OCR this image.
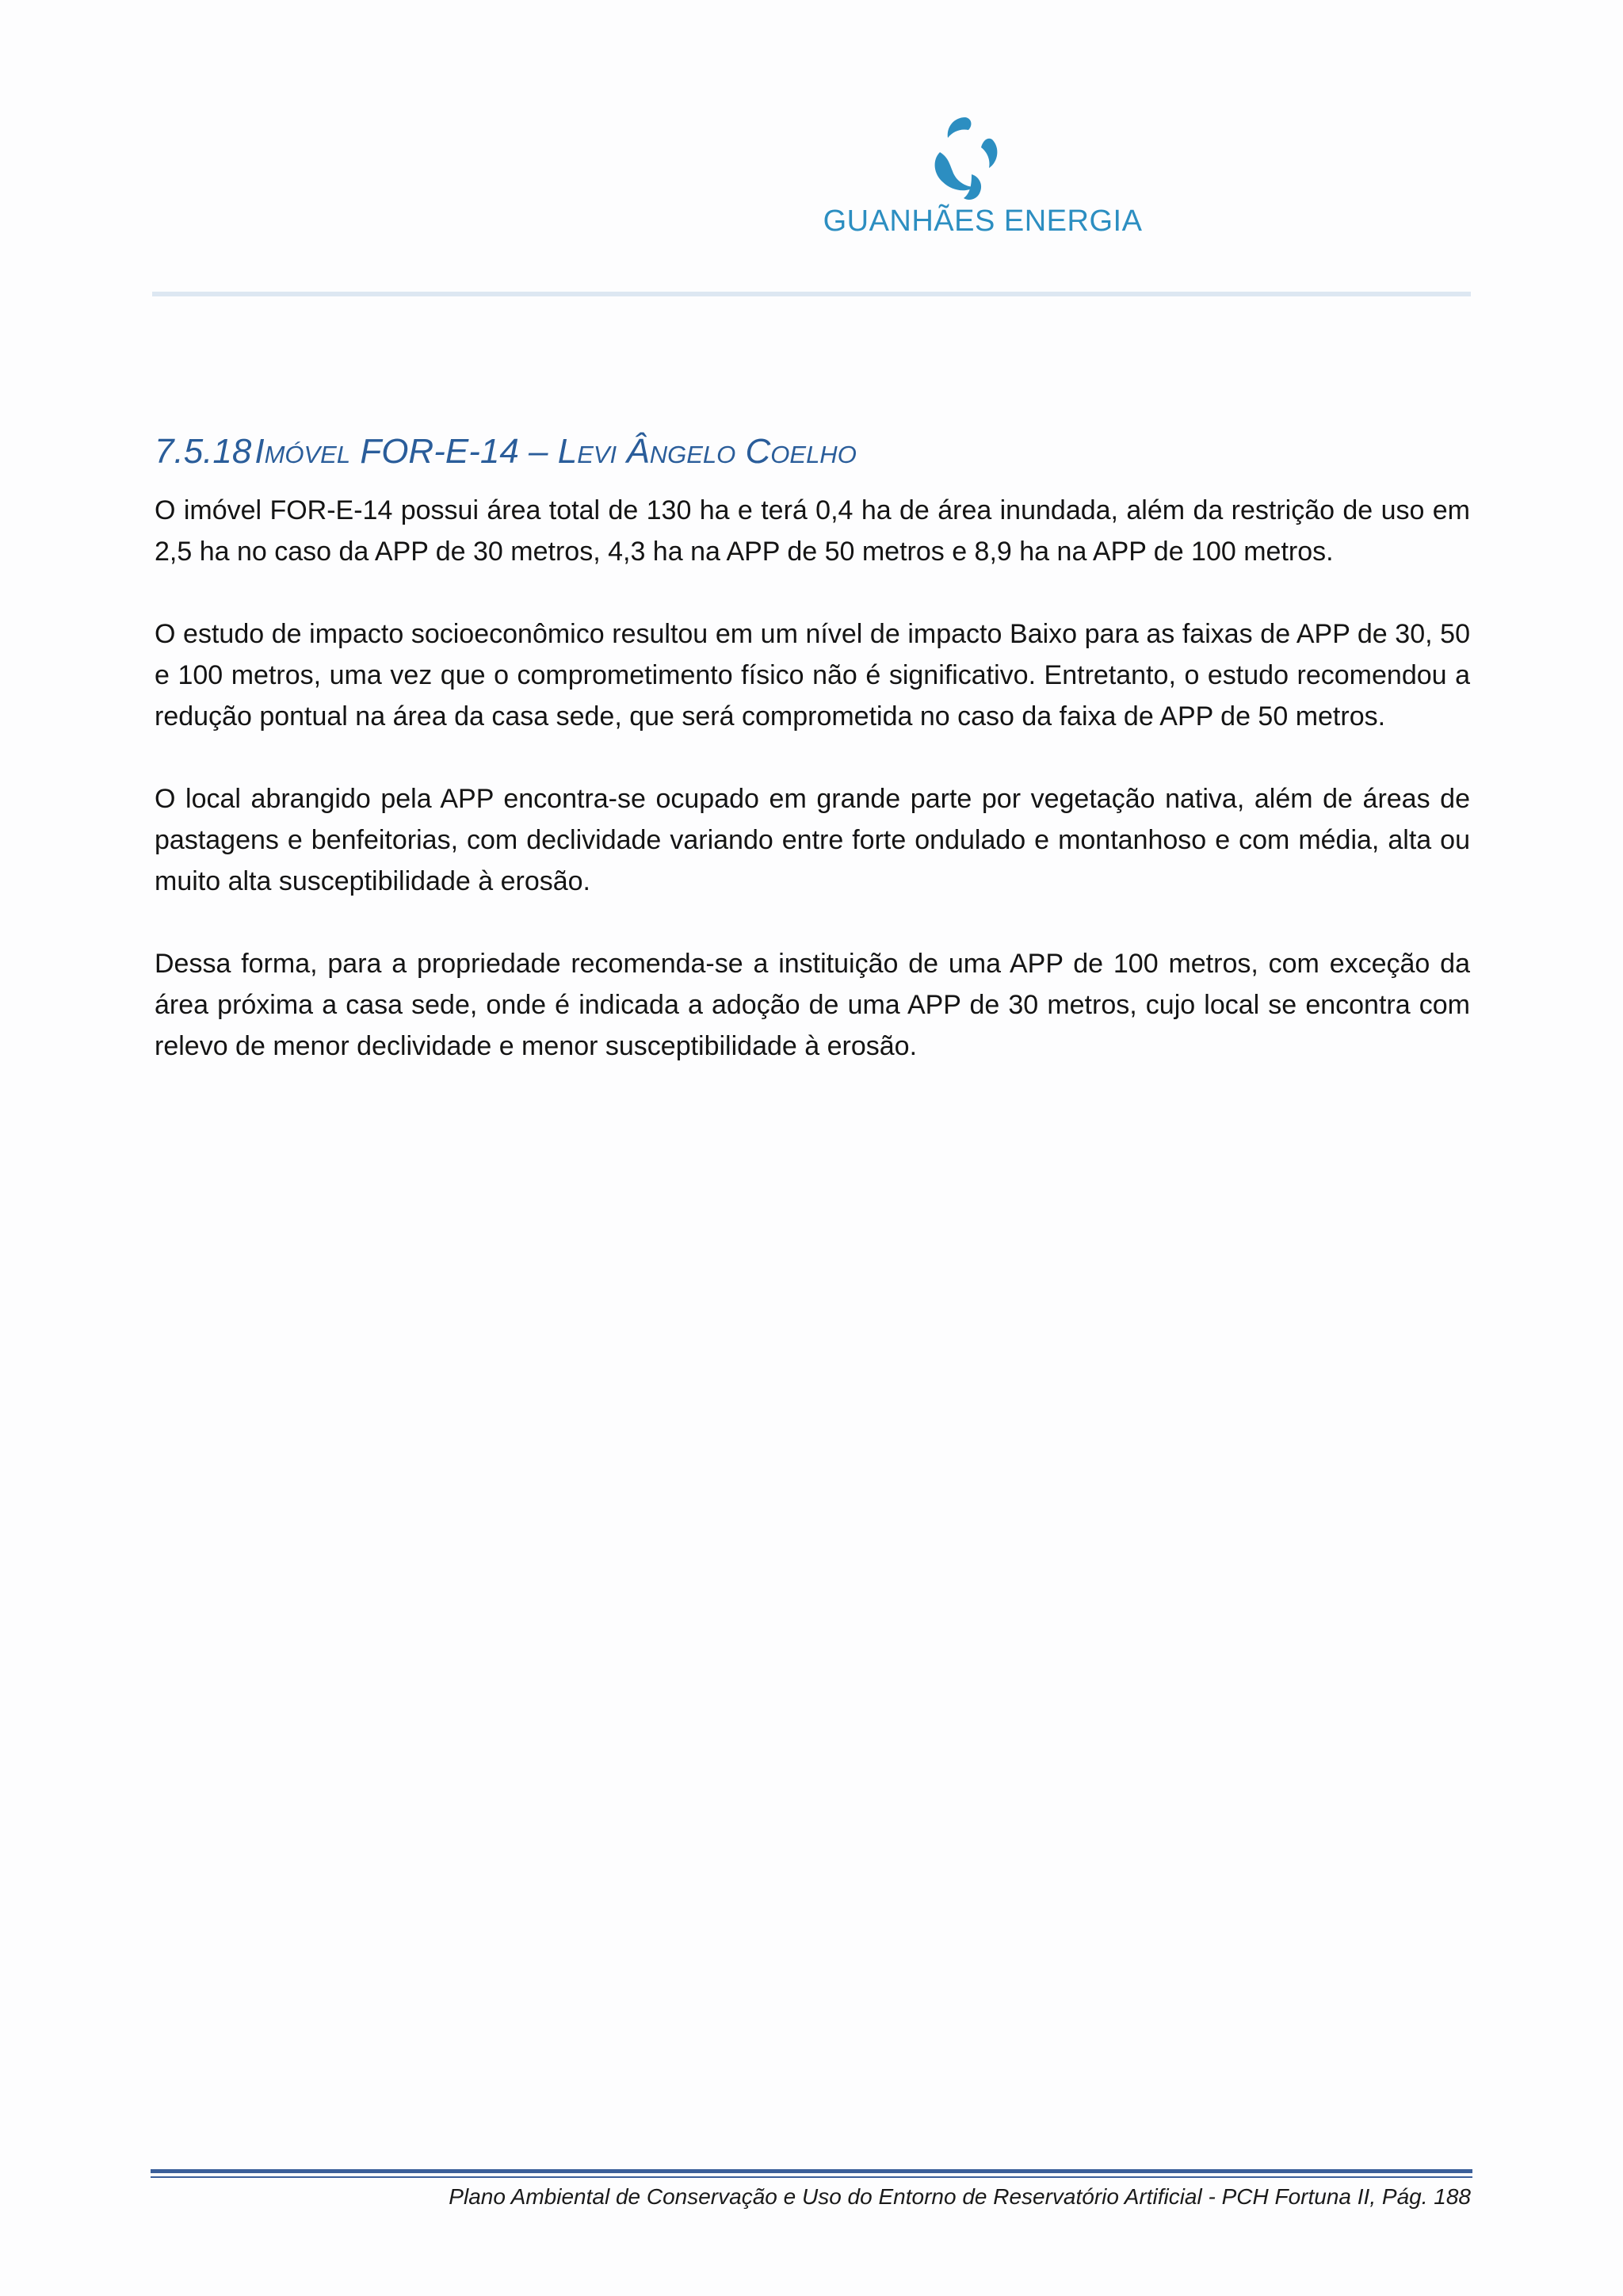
GUANHÃES ENERGIA
7.5.18Imóvel FOR-E-14 – Levi Ângelo Coelho

O imóvel FOR-E-14 possui área total de 130 ha e terá 0,4 ha de área inundada, além da restrição de uso em 2,5 ha no caso da APP de 30 metros, 4,3 ha na APP de 50 metros e 8,9 ha na APP de 100 metros.

O estudo de impacto socioeconômico resultou em um nível de impacto Baixo para as faixas de APP de 30, 50 e 100 metros, uma vez que o comprometimento físico não é significativo. Entretanto, o estudo recomendou a redução pontual na área da casa sede, que será comprometida no caso da faixa de APP de 50 metros.

O local abrangido pela APP encontra-se ocupado em grande parte por vegetação nativa, além de áreas de pastagens e benfeitorias, com declividade variando entre forte ondulado e montanhoso e com média, alta ou muito alta susceptibilidade à erosão.

Dessa forma, para a propriedade recomenda-se a instituição de uma APP de 100 metros, com exceção da área próxima a casa sede, onde é indicada a adoção de uma APP de 30 metros, cujo local se encontra com relevo de menor declividade e menor susceptibilidade à erosão.

Plano Ambiental de Conservação e Uso do Entorno de Reservatório Artificial - PCH Fortuna II, Pág. 188
